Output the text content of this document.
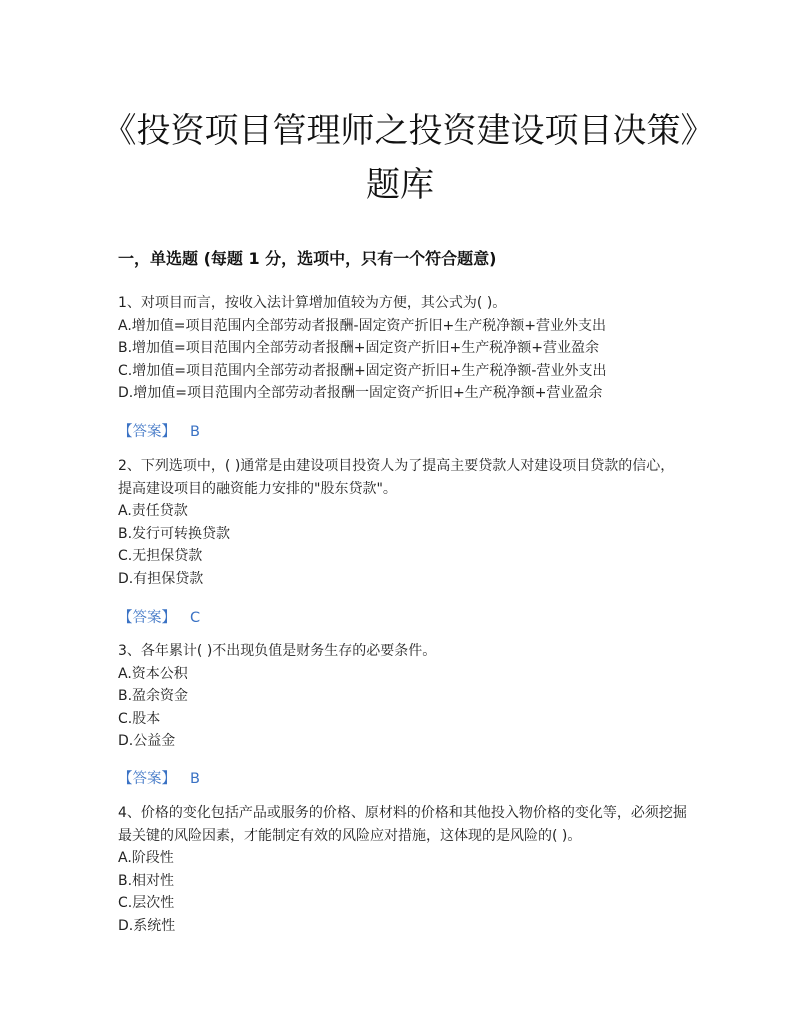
《投资项目管理师之投资建设项目决策》题库
一，单选题 (每题 1 分，选项中，只有一个符合题意)
1、对项目而言，按收入法计算增加值较为方便，其公式为( )。
A.增加值=项目范围内全部劳动者报酬-固定资产折旧+生产税净额+营业外支出
B.增加值=项目范围内全部劳动者报酬+固定资产折旧+生产税净额+营业盈余
C.增加值=项目范围内全部劳动者报酬+固定资产折旧+生产税净额-营业外支出
D.增加值=项目范围内全部劳动者报酬一固定资产折旧+生产税净额+营业盈余
【答案】 B
2、下列选项中，( )通常是由建设项目投资人为了提高主要贷款人对建设项目贷款的信心，提高建设项目的融资能力安排的"股东贷款"。
A.责任贷款
B.发行可转换贷款
C.无担保贷款
D.有担保贷款
【答案】 C
3、各年累计( )不出现负值是财务生存的必要条件。
A.资本公积
B.盈余资金
C.股本
D.公益金
【答案】 B
4、价格的变化包括产品或服务的价格、原材料的价格和其他投入物价格的变化等，必须挖掘最关键的风险因素，才能制定有效的风险应对措施，这体现的是风险的( )。
A.阶段性
B.相对性
C.层次性
D.系统性
